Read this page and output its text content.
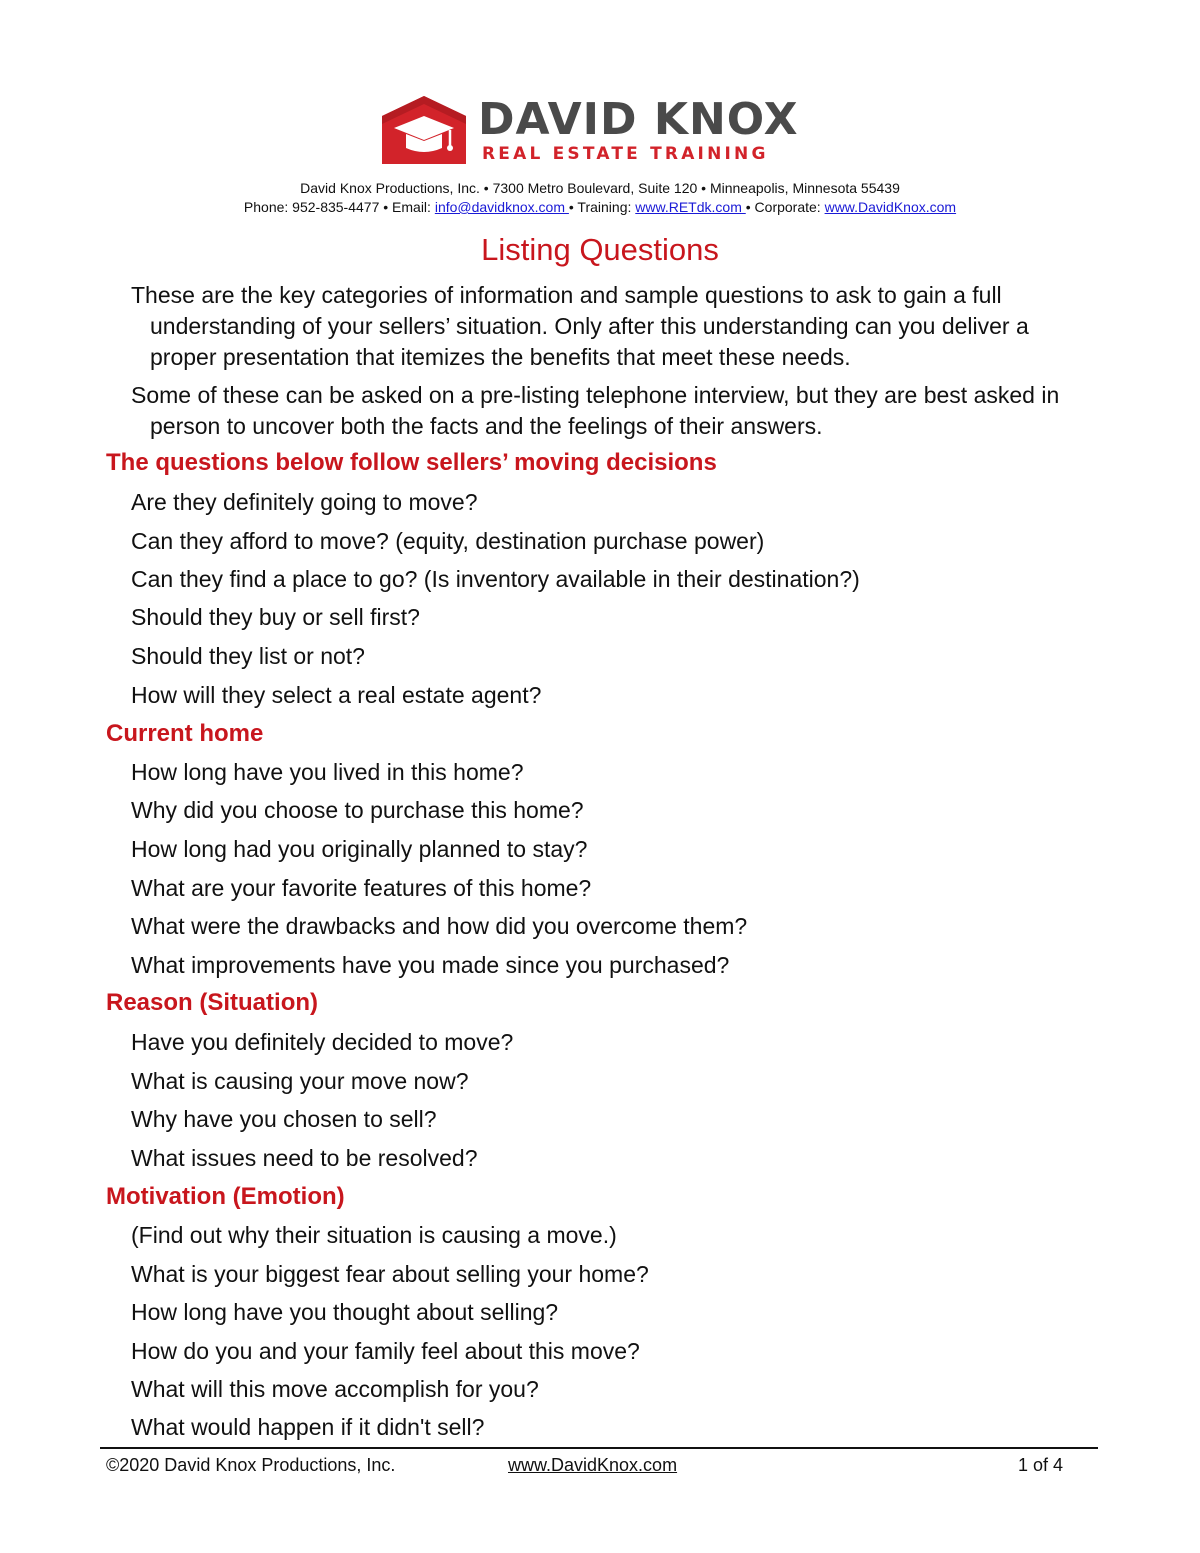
DAVID KNOX
REAL ESTATE TRAINING
David Knox Productions, Inc. • 7300 Metro Boulevard, Suite 120 • Minneapolis, Minnesota 55439
Phone: 952-835-4477 • Email: info@davidknox.com • Training: www.RETdk.com • Corporate: www.DavidKnox.com
Listing Questions
These are the key categories of information and sample questions to ask to gain a full understanding of your sellers’ situation. Only after this understanding can you deliver a proper presentation that itemizes the benefits that meet these needs.
Some of these can be asked on a pre-listing telephone interview, but they are best asked in person to uncover both the facts and the feelings of their answers.
The questions below follow sellers’ moving decisions
Are they definitely going to move?
Can they afford to move? (equity, destination purchase power)
Can they find a place to go? (Is inventory available in their destination?)
Should they buy or sell first?
Should they list or not?
How will they select a real estate agent?
Current home
How long have you lived in this home?
Why did you choose to purchase this home?
How long had you originally planned to stay?
What are your favorite features of this home?
What were the drawbacks and how did you overcome them?
What improvements have you made since you purchased?
Reason (Situation)
Have you definitely decided to move?
What is causing your move now?
Why have you chosen to sell?
What issues need to be resolved?
Motivation (Emotion)
(Find out why their situation is causing a move.)
What is your biggest fear about selling your home?
How long have you thought about selling?
How do you and your family feel about this move?
What will this move accomplish for you?
What would happen if it didn't sell?
©2020 David Knox Productions, Inc.	www.DavidKnox.com	1 of 4
